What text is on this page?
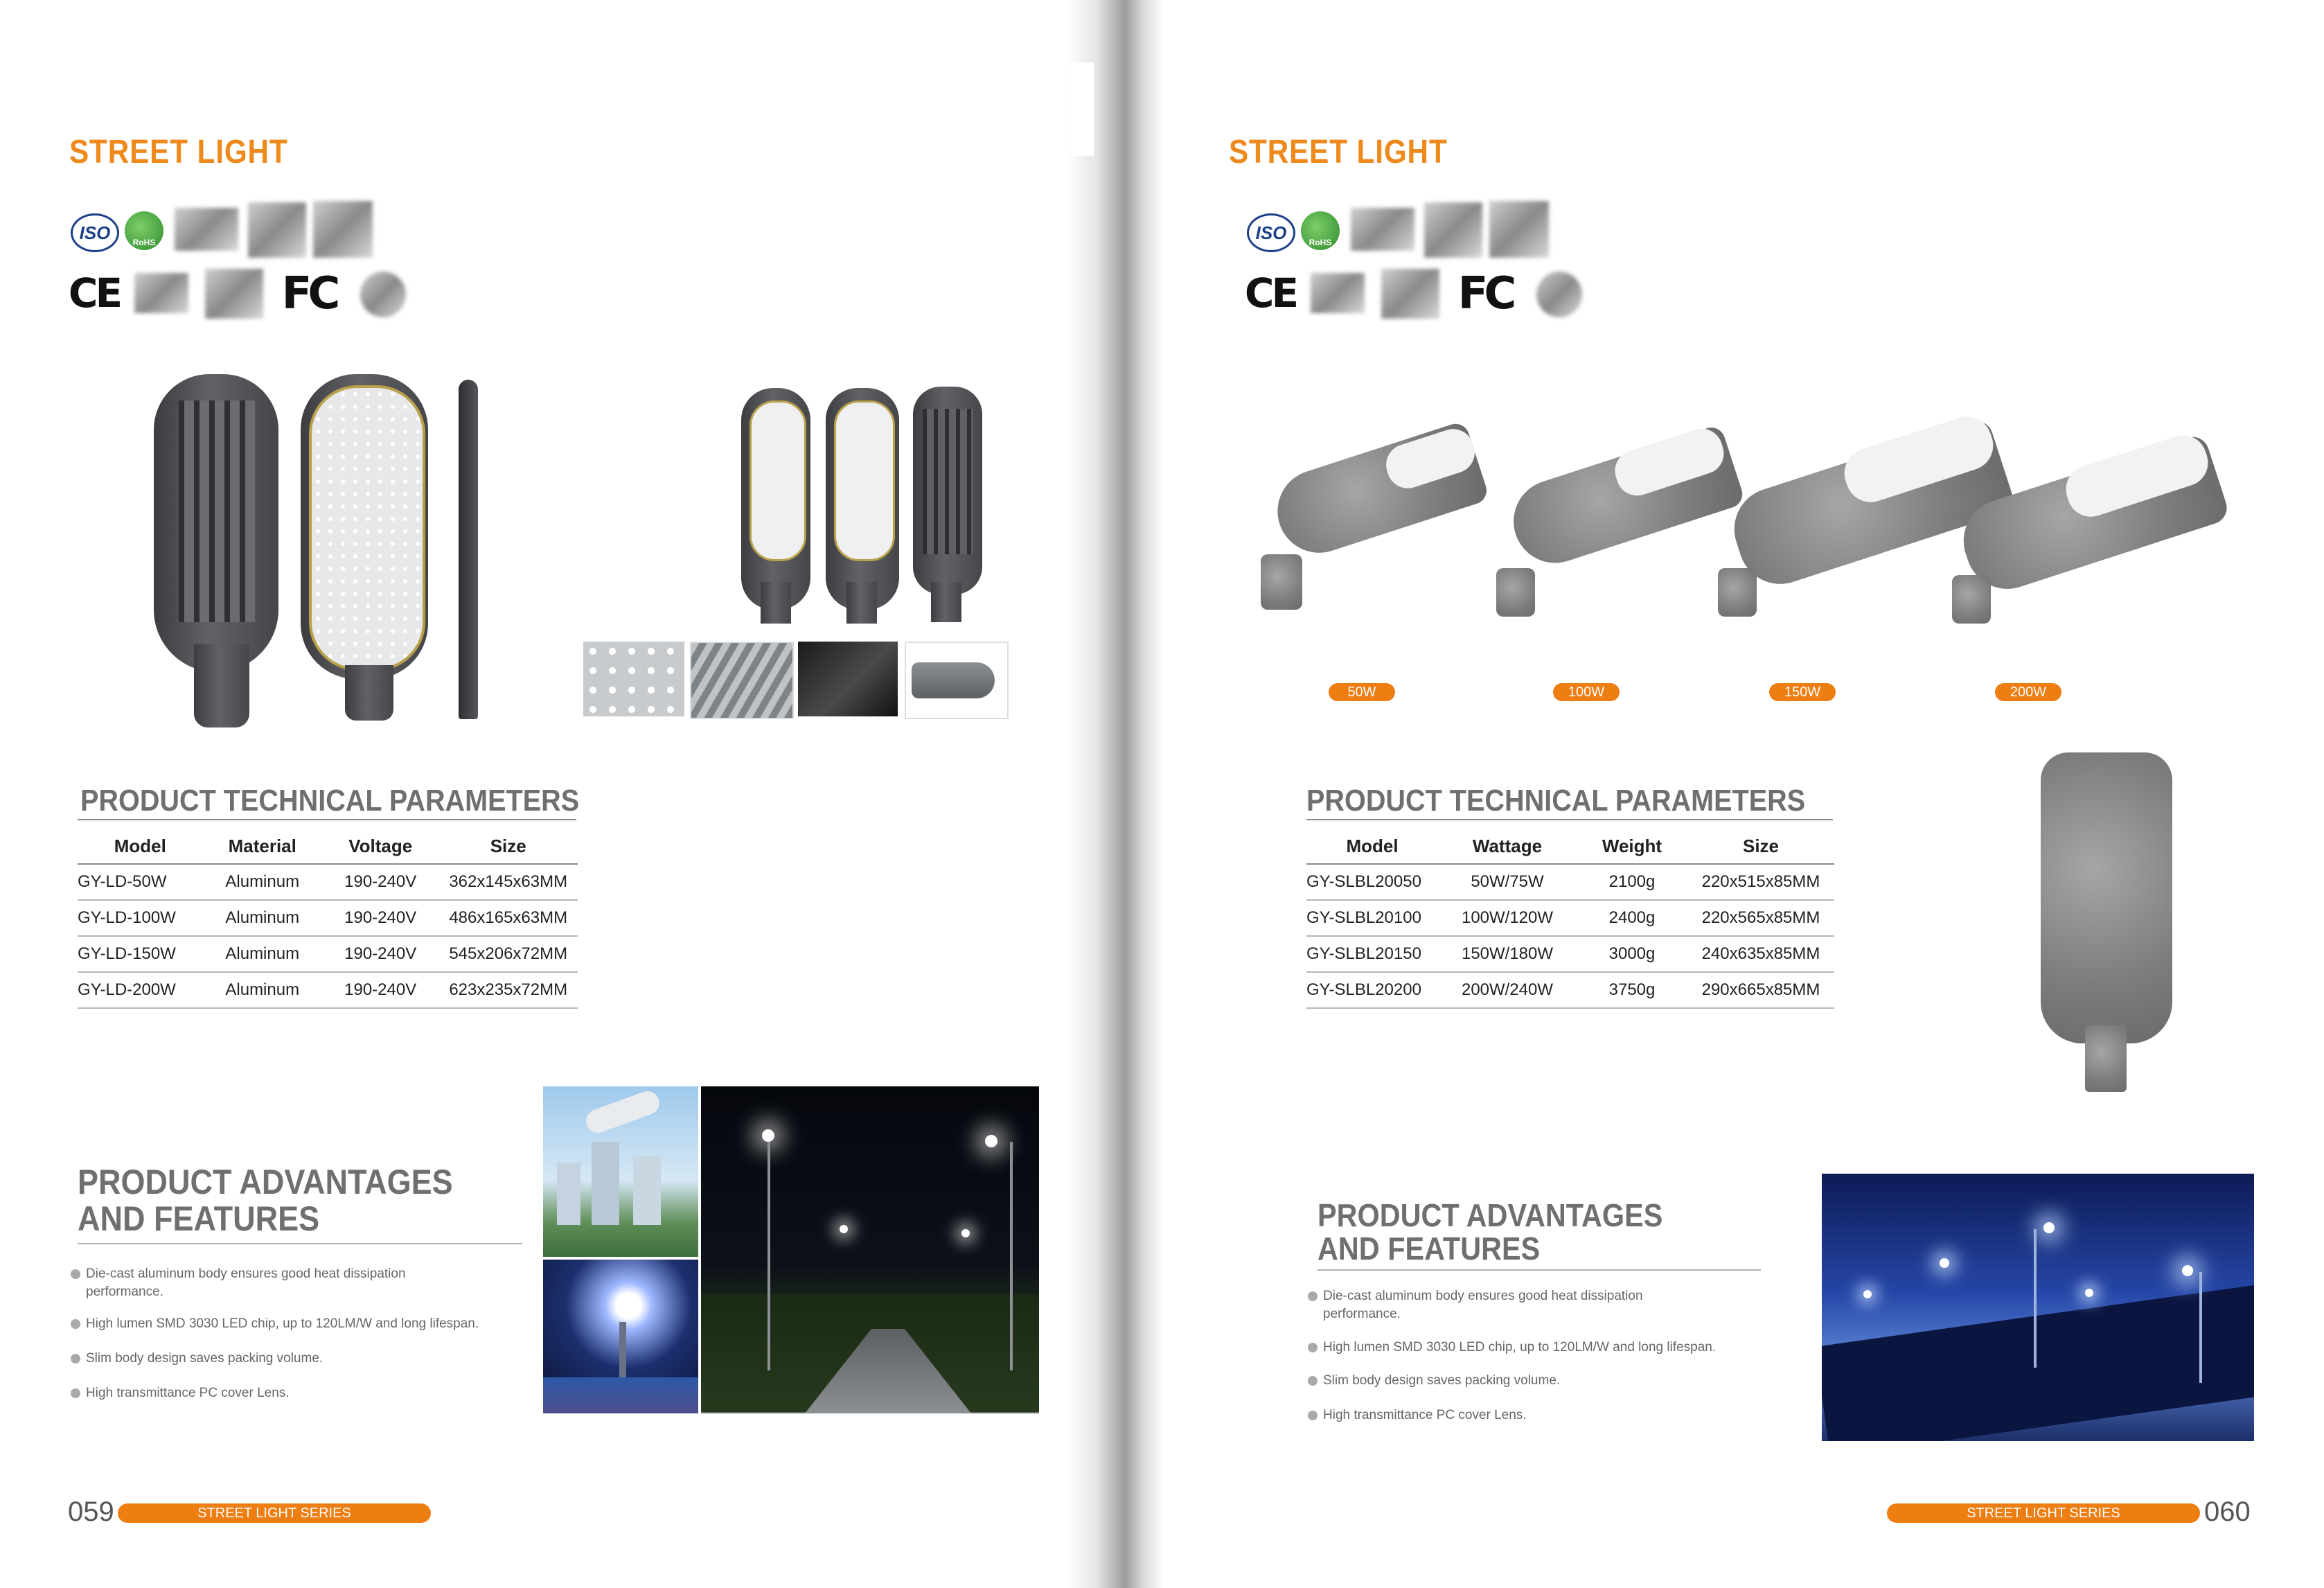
STREET LIGHT
ISO	RoHS
CE	FC
PRODUCT TECHNICAL PARAMETERS
Model	Material	Voltage	Size
GY-LD-50W	Aluminum	190-240V	362x145x63MM
GY-LD-100W	Aluminum	190-240V	486x165x63MM
GY-LD-150W	Aluminum	190-240V	545x206x72MM
GY-LD-200W	Aluminum	190-240V	623x235x72MM
PRODUCT ADVANTAGES
AND FEATURES
Die-cast aluminum body ensures good heat dissipation performance.
High lumen SMD 3030 LED chip, up to 120LM/W and long lifespan.
Slim body design saves packing volume.
High transmittance PC cover Lens.
059	STREET LIGHT SERIES
STREET LIGHT
ISO	RoHS
CE	FC
50W	100W	150W	200W
PRODUCT TECHNICAL PARAMETERS
Model	Wattage	Weight	Size
GY-SLBL20050	50W/75W	2100g	220x515x85MM
GY-SLBL20100	100W/120W	2400g	220x565x85MM
GY-SLBL20150	150W/180W	3000g	240x635x85MM
GY-SLBL20200	200W/240W	3750g	290x665x85MM
PRODUCT ADVANTAGES
AND FEATURES
Die-cast aluminum body ensures good heat dissipation performance.
High lumen SMD 3030 LED chip, up to 120LM/W and long lifespan.
Slim body design saves packing volume.
High transmittance PC cover Lens.
STREET LIGHT SERIES	060
